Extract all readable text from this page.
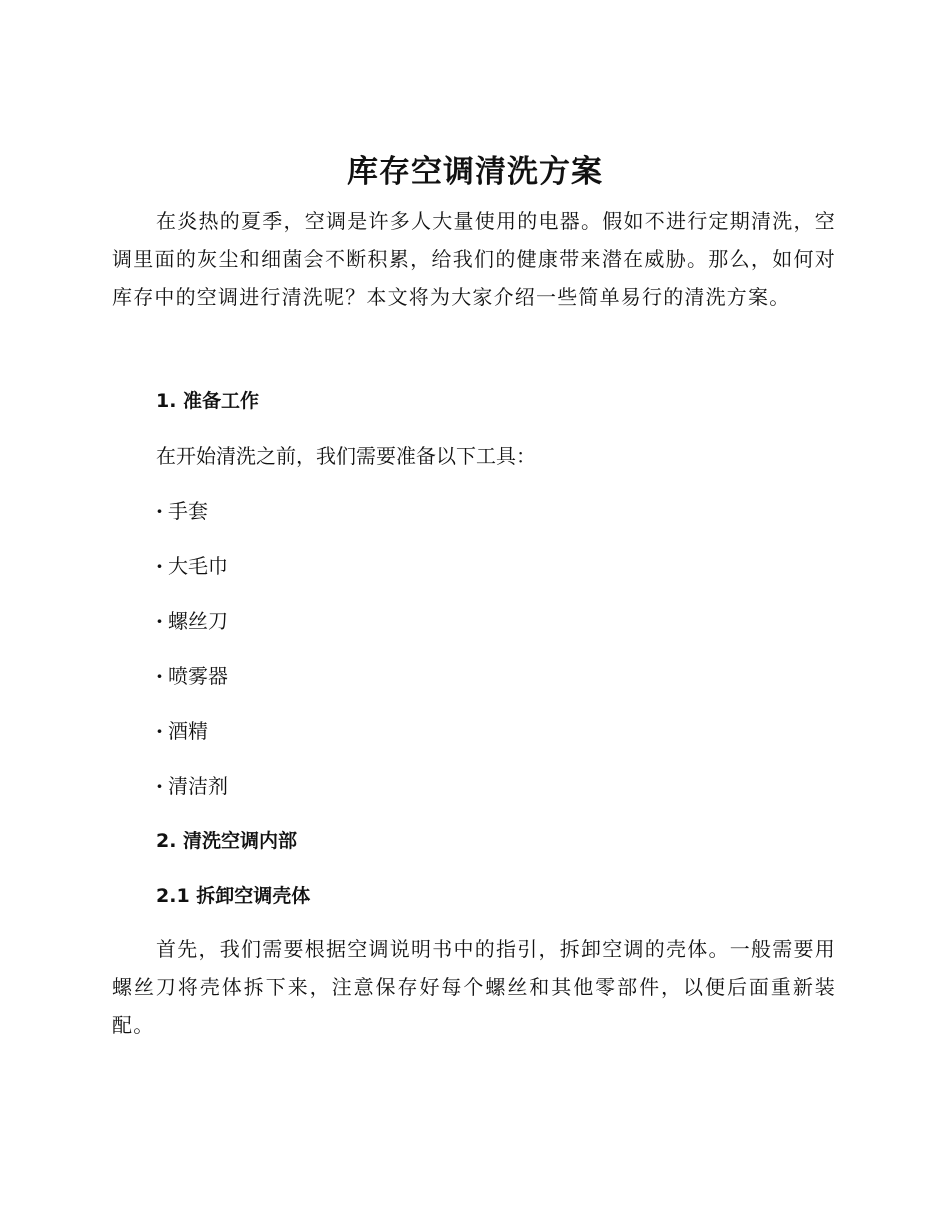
库存空调清洗方案

在炎热的夏季，空调是许多人大量使用的电器。假如不进行定期清洗，空调里面的灰尘和细菌会不断积累，给我们的健康带来潜在威胁。那么，如何对库存中的空调进行清洗呢？本文将为大家介绍一些简单易行的清洗方案。

1. 准备工作
在开始清洗之前，我们需要准备以下工具：
· 手套
· 大毛巾
· 螺丝刀
· 喷雾器
· 酒精
· 清洁剂
2. 清洗空调内部
2.1 拆卸空调壳体

首先，我们需要根据空调说明书中的指引，拆卸空调的壳体。一般需要用螺丝刀将壳体拆下来，注意保存好每个螺丝和其他零部件，以便后面重新装配。
